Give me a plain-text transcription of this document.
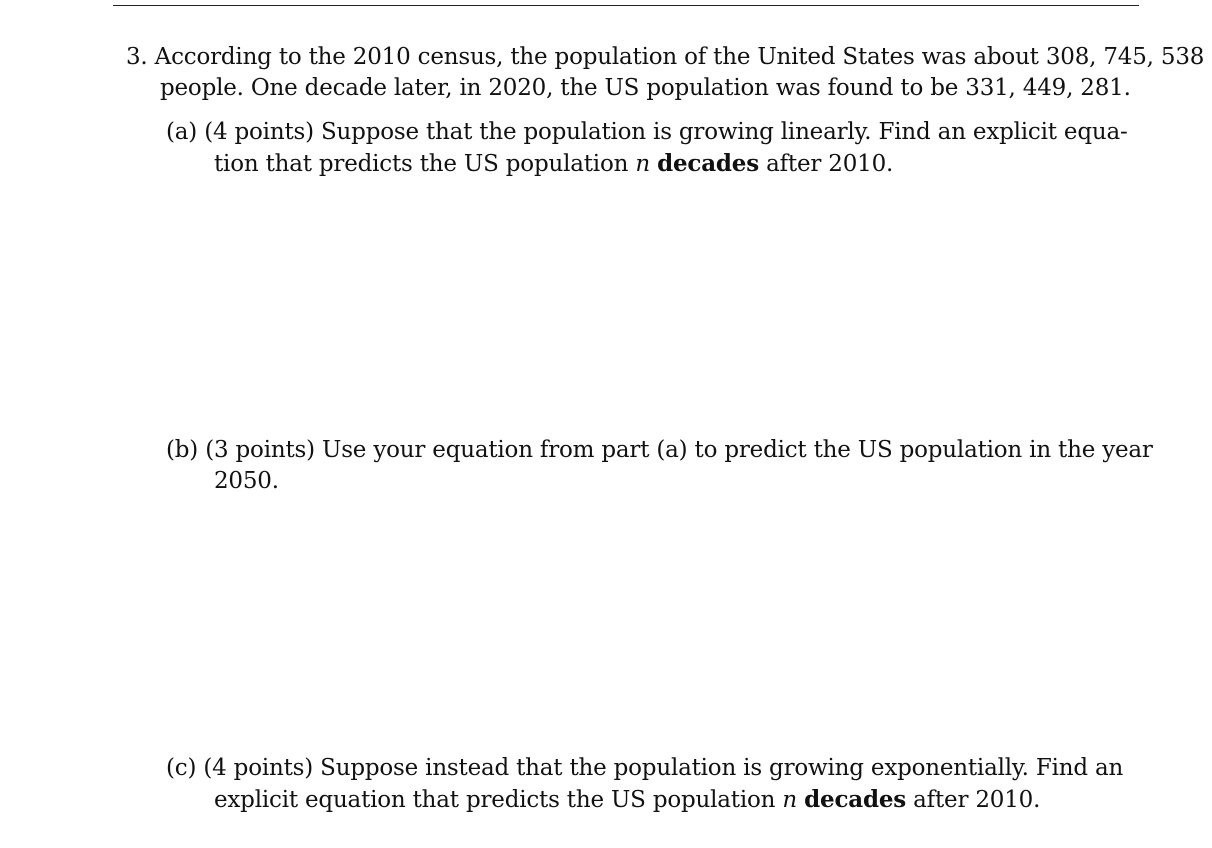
3. According to the 2010 census, the population of the United States was about 308, 745, 538
people. One decade later, in 2020, the US population was found to be 331, 449, 281.
(a) (4 points) Suppose that the population is growing linearly. Find an explicit equa-
tion that predicts the US population n decades after 2010.
(b) (3 points) Use your equation from part (a) to predict the US population in the year
2050.
(c) (4 points) Suppose instead that the population is growing exponentially. Find an
explicit equation that predicts the US population n decades after 2010.
